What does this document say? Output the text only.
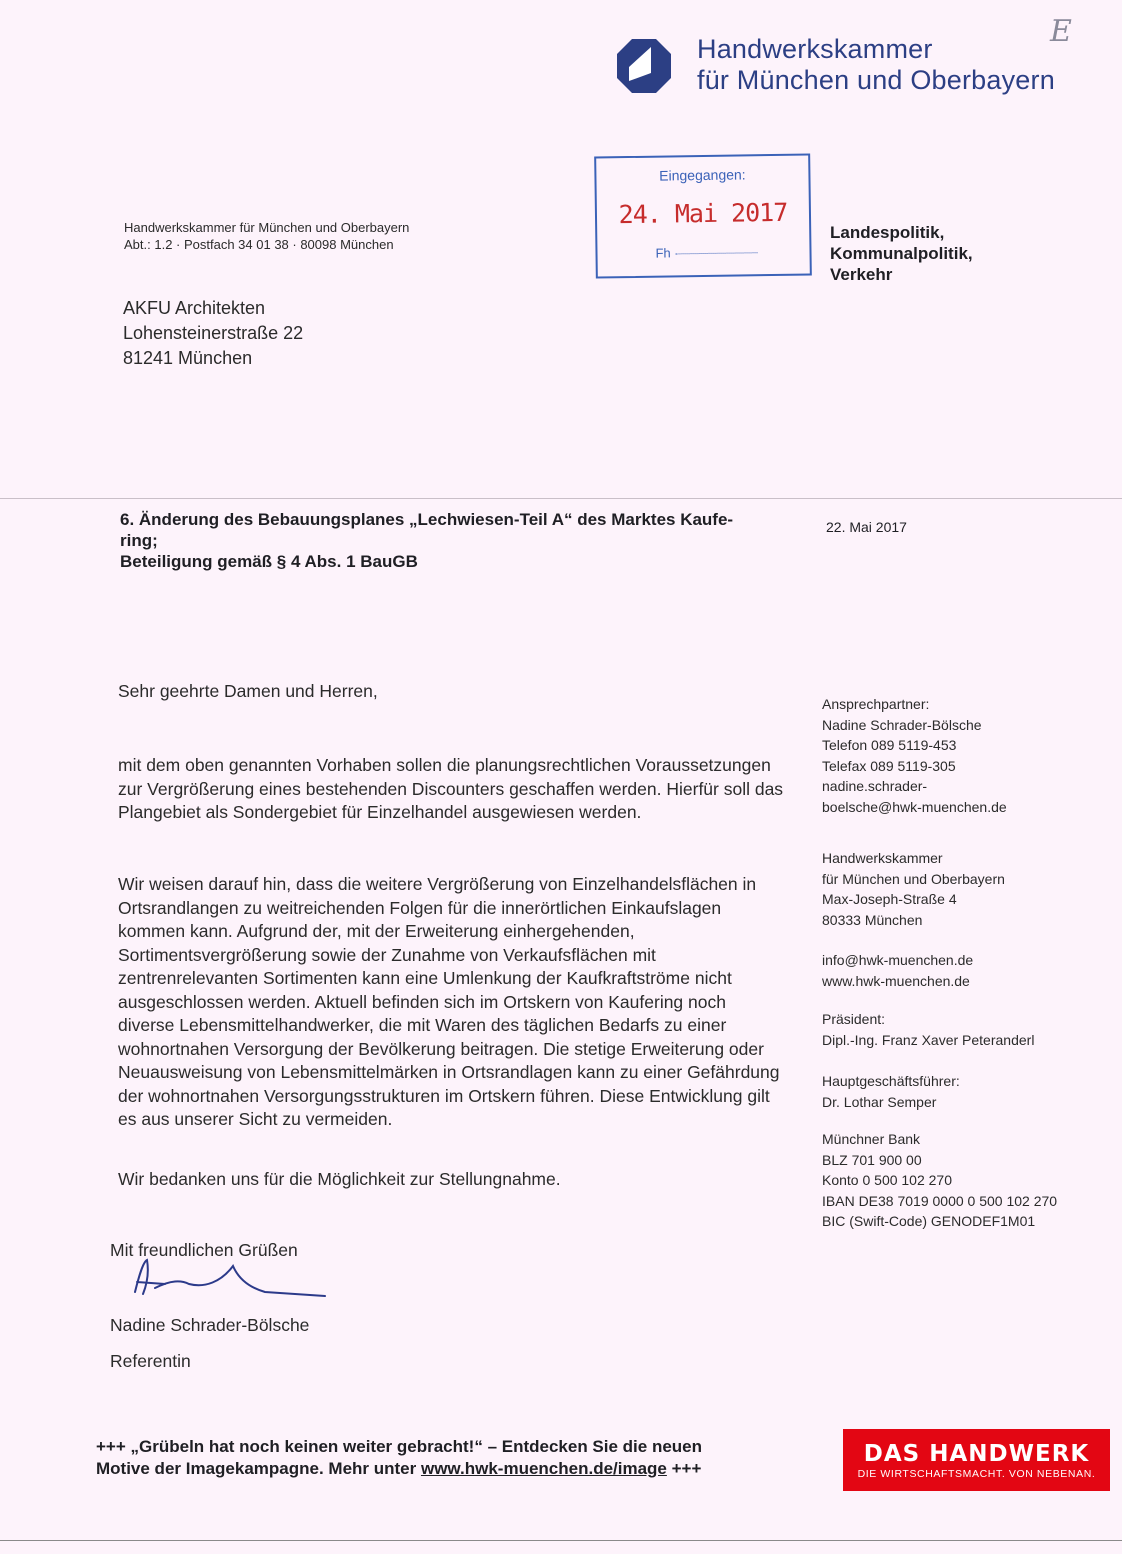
Handwerkskammer
für München und Oberbayern
E
Handwerkskammer für München und Oberbayern
Abt.: 1.2 · Postfach 34 01 38 · 80098 München
Eingegangen:
24. Mai 2017
Fh
Landespolitik,
Kommunalpolitik,
Verkehr
AKFU Architekten
Lohensteinerstraße 22
81241 München
6. Änderung des Bebauungsplanes „Lechwiesen-Teil A“ des Marktes Kaufe-
ring;
Beteiligung gemäß § 4 Abs. 1 BauGB
22. Mai 2017
Sehr geehrte Damen und Herren,
mit dem oben genannten Vorhaben sollen die planungsrechtlichen Voraussetzungen zur Vergrößerung eines bestehenden Discounters geschaffen werden. Hierfür soll das Plangebiet als Sondergebiet für Einzelhandel ausgewiesen werden.
Wir weisen darauf hin, dass die weitere Vergrößerung von Einzelhandelsflächen in Ortsrandlangen zu weitreichenden Folgen für die innerörtlichen Einkaufslagen kommen kann. Aufgrund der, mit der Erweiterung einhergehenden, Sortimentsvergrößerung sowie der Zunahme von Verkaufsflächen mit zentrenrelevanten Sortimenten kann eine Umlenkung der Kaufkraftströme nicht ausgeschlossen werden. Aktuell befinden sich im Ortskern von Kaufering noch diverse Lebensmittelhandwerker, die mit Waren des täglichen Bedarfs zu einer wohnortnahen Versorgung der Bevölkerung beitragen. Die stetige Erweiterung oder Neuausweisung von Lebensmittelmärken in Ortsrandlagen kann zu einer Gefährdung der wohnortnahen Versorgungsstrukturen im Ortskern führen. Diese Entwicklung gilt es aus unserer Sicht zu vermeiden.
Wir bedanken uns für die Möglichkeit zur Stellungnahme.
Mit freundlichen Grüßen
Nadine Schrader-Bölsche
Referentin
Ansprechpartner:
Nadine Schrader-Bölsche
Telefon 089 5119-453
Telefax 089 5119-305
nadine.schrader-
boelsche@hwk-muenchen.de
Handwerkskammer
für München und Oberbayern
Max-Joseph-Straße 4
80333 München
info@hwk-muenchen.de
www.hwk-muenchen.de
Präsident:
Dipl.-Ing. Franz Xaver Peteranderl
Hauptgeschäftsführer:
Dr. Lothar Semper
Münchner Bank
BLZ 701 900 00
Konto 0 500 102 270
IBAN DE38 7019 0000 0 500 102 270
BIC (Swift-Code) GENODEF1M01
+++ „Grübeln hat noch keinen weiter gebracht!“ – Entdecken Sie die neuen
Motive der Imagekampagne. Mehr unter www.hwk-muenchen.de/image +++
DAS HANDWERK
DIE WIRTSCHAFTSMACHT. VON NEBENAN.
